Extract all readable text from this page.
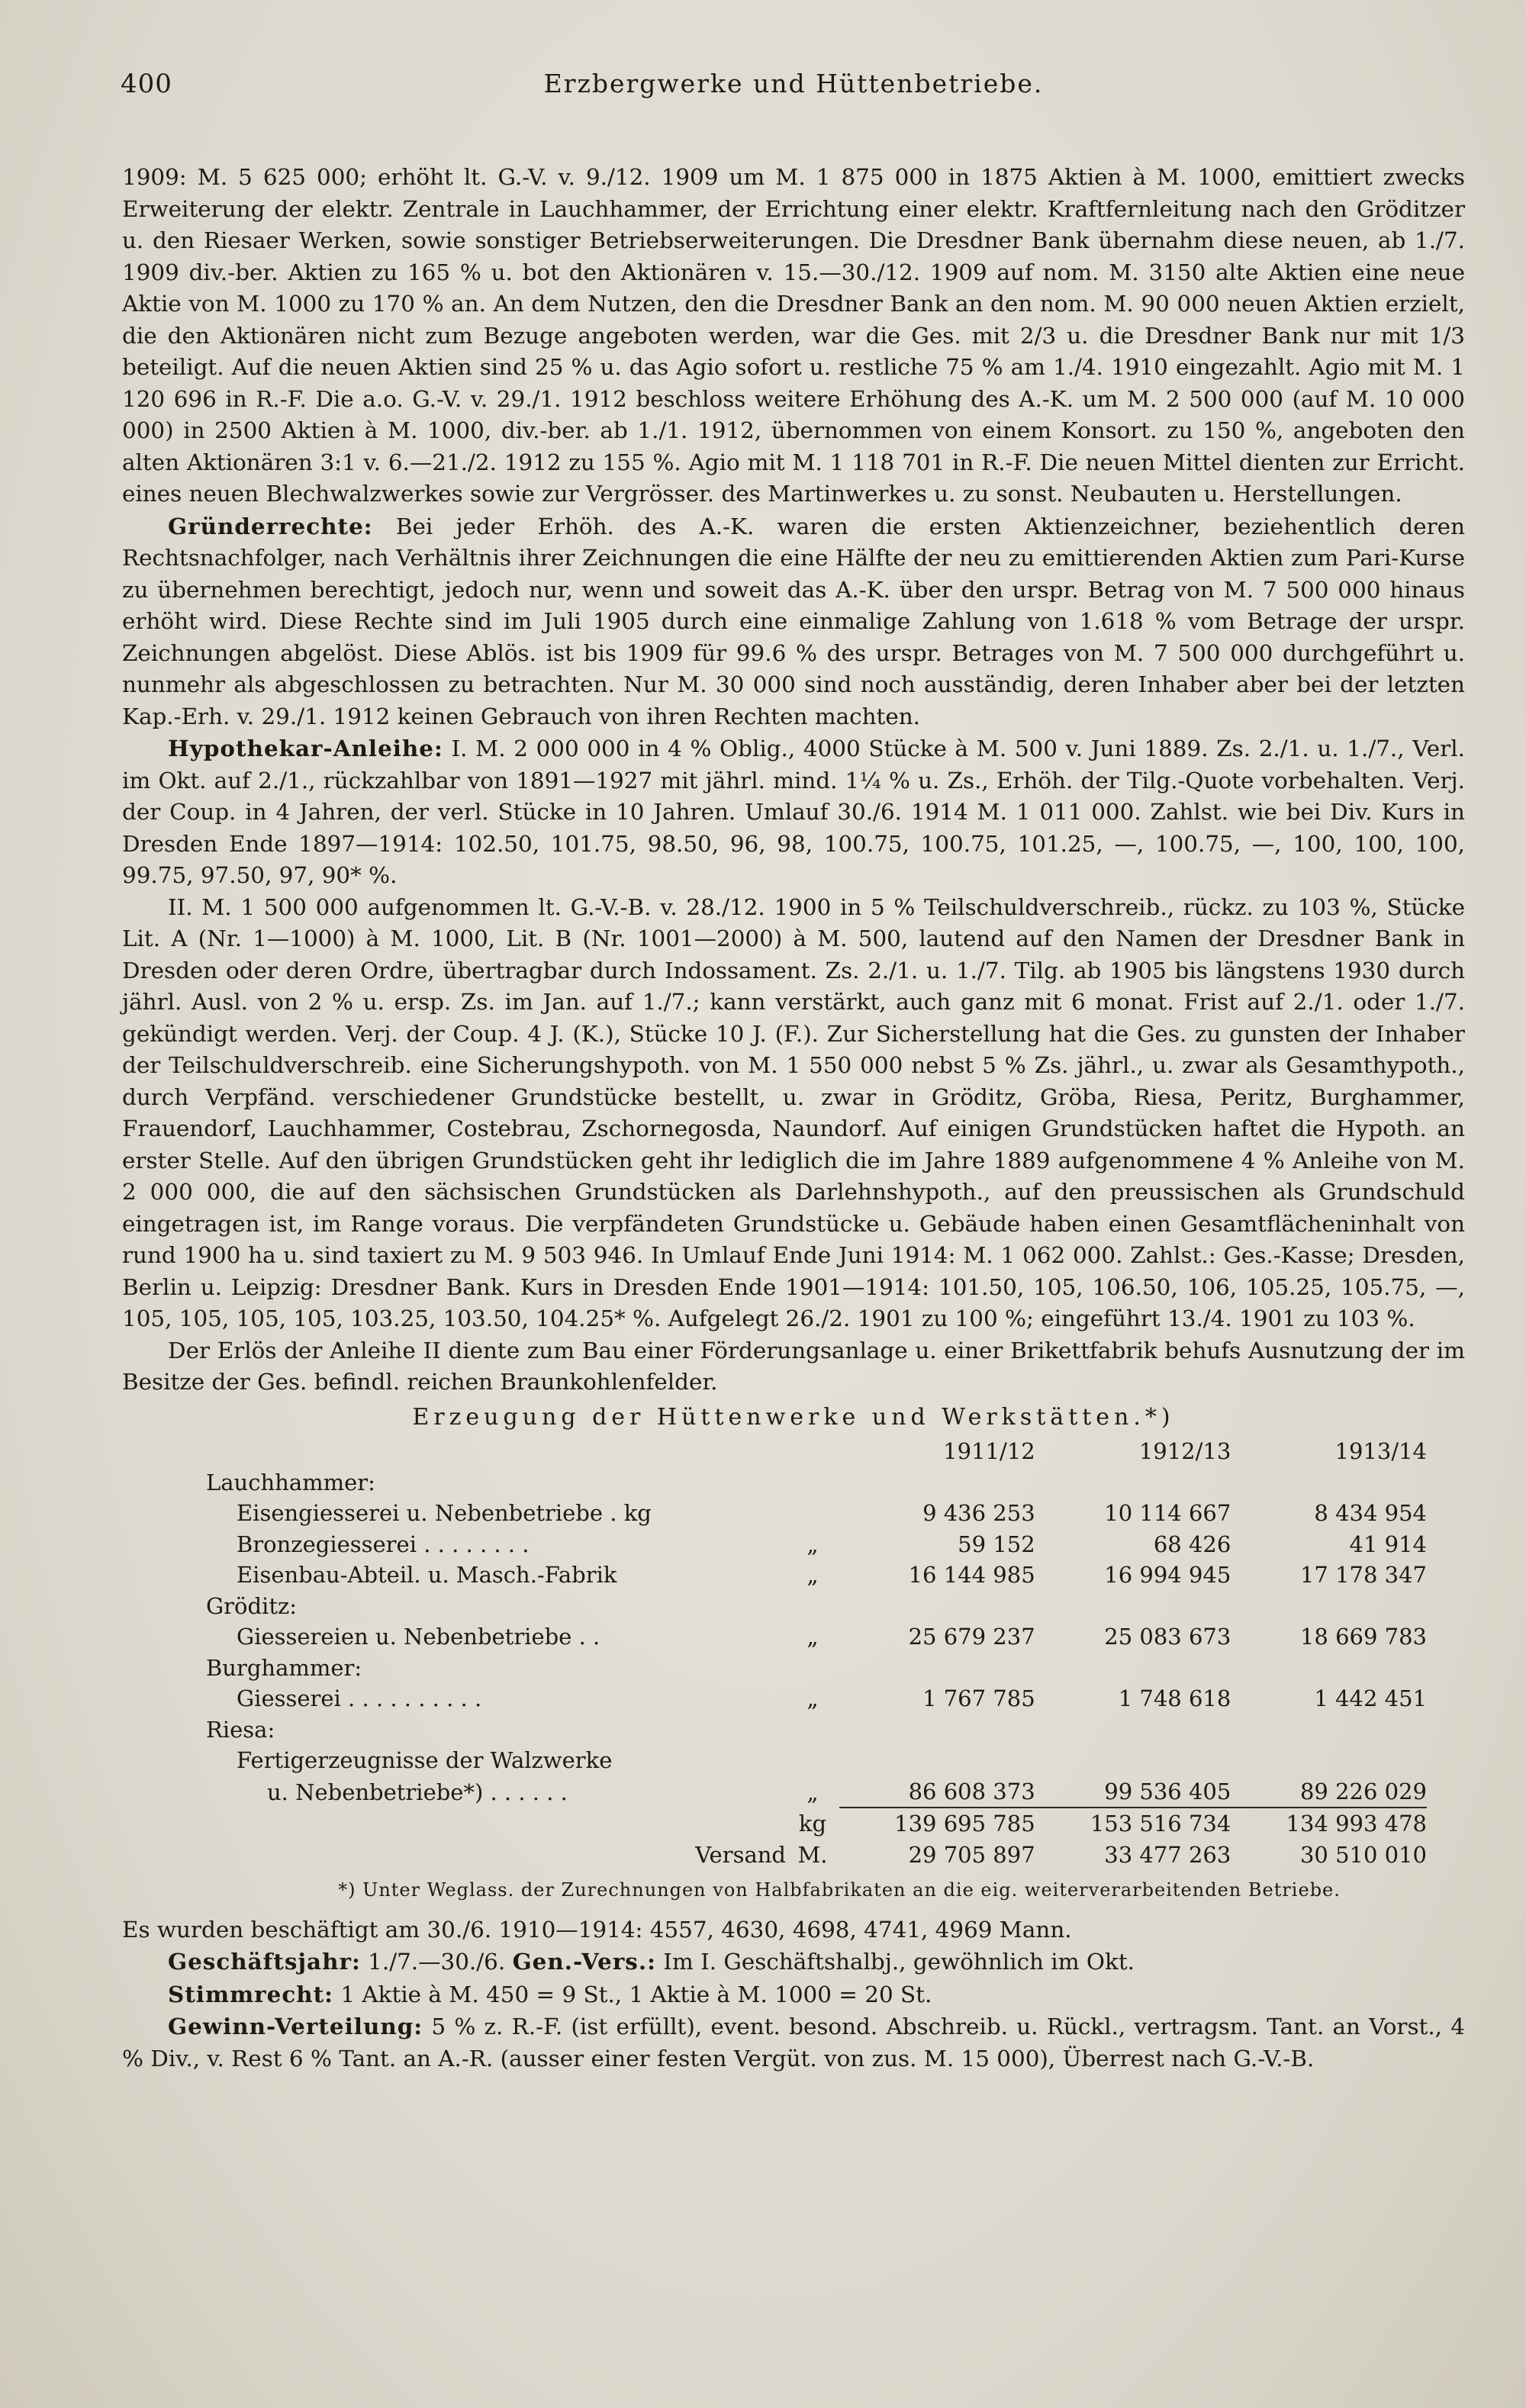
400	Erzbergwerke und Hüttenbetriebe.

1909: M. 5 625 000; erhöht lt. G.-V. v. 9./12. 1909 um M. 1 875 000 in 1875 Aktien à M. 1000, emittiert zwecks Erweiterung der elektr. Zentrale in Lauchhammer, der Errichtung einer elektr. Kraftfernleitung nach den Gröditzer u. den Riesaer Werken, sowie sonstiger Betriebserweiterungen. Die Dresdner Bank übernahm diese neuen, ab 1./7. 1909 div.-ber. Aktien zu 165 % u. bot den Aktionären v. 15.—30./12. 1909 auf nom. M. 3150 alte Aktien eine neue Aktie von M. 1000 zu 170 % an. An dem Nutzen, den die Dresdner Bank an den nom. M. 90 000 neuen Aktien erzielt, die den Aktionären nicht zum Bezuge angeboten werden, war die Ges. mit 2/3 u. die Dresdner Bank nur mit 1/3 beteiligt. Auf die neuen Aktien sind 25 % u. das Agio sofort u. restliche 75 % am 1./4. 1910 eingezahlt. Agio mit M. 1 120 696 in R.-F. Die a.o. G.-V. v. 29./1. 1912 beschloss weitere Erhöhung des A.-K. um M. 2 500 000 (auf M. 10 000 000) in 2500 Aktien à M. 1000, div.-ber. ab 1./1. 1912, übernommen von einem Konsort. zu 150 %, angeboten den alten Aktionären 3:1 v. 6.—21./2. 1912 zu 155 %. Agio mit M. 1 118 701 in R.-F. Die neuen Mittel dienten zur Erricht. eines neuen Blechwalzwerkes sowie zur Vergrösser. des Martinwerkes u. zu sonst. Neubauten u. Herstellungen.

Gründerrechte: Bei jeder Erhöh. des A.-K. waren die ersten Aktienzeichner, beziehentlich deren Rechtsnachfolger, nach Verhältnis ihrer Zeichnungen die eine Hälfte der neu zu emittierenden Aktien zum Pari-Kurse zu übernehmen berechtigt, jedoch nur, wenn und soweit das A.-K. über den urspr. Betrag von M. 7 500 000 hinaus erhöht wird. Diese Rechte sind im Juli 1905 durch eine einmalige Zahlung von 1.618 % vom Betrage der urspr. Zeichnungen abgelöst. Diese Ablös. ist bis 1909 für 99.6 % des urspr. Betrages von M. 7 500 000 durchgeführt u. nunmehr als abgeschlossen zu betrachten. Nur M. 30 000 sind noch ausständig, deren Inhaber aber bei der letzten Kap.-Erh. v. 29./1. 1912 keinen Gebrauch von ihren Rechten machten.

Hypothekar-Anleihe: I. M. 2 000 000 in 4 % Oblig., 4000 Stücke à M. 500 v. Juni 1889. Zs. 2./1. u. 1./7., Verl. im Okt. auf 2./1., rückzahlbar von 1891—1927 mit jährl. mind. 1¼ % u. Zs., Erhöh. der Tilg.-Quote vorbehalten. Verj. der Coup. in 4 Jahren, der verl. Stücke in 10 Jahren. Umlauf 30./6. 1914 M. 1 011 000. Zahlst. wie bei Div. Kurs in Dresden Ende 1897—1914: 102.50, 101.75, 98.50, 96, 98, 100.75, 100.75, 101.25, —, 100.75, —, 100, 100, 100, 99.75, 97.50, 97, 90* %.

II. M. 1 500 000 aufgenommen lt. G.-V.-B. v. 28./12. 1900 in 5 % Teilschuldverschreib., rückz. zu 103 %, Stücke Lit. A (Nr. 1—1000) à M. 1000, Lit. B (Nr. 1001—2000) à M. 500, lautend auf den Namen der Dresdner Bank in Dresden oder deren Ordre, übertragbar durch Indossament. Zs. 2./1. u. 1./7. Tilg. ab 1905 bis längstens 1930 durch jährl. Ausl. von 2 % u. ersp. Zs. im Jan. auf 1./7.; kann verstärkt, auch ganz mit 6 monat. Frist auf 2./1. oder 1./7. gekündigt werden. Verj. der Coup. 4 J. (K.), Stücke 10 J. (F.). Zur Sicherstellung hat die Ges. zu gunsten der Inhaber der Teilschuldverschreib. eine Sicherungshypoth. von M. 1 550 000 nebst 5 % Zs. jährl., u. zwar als Gesamthypoth., durch Verpfänd. verschiedener Grundstücke bestellt, u. zwar in Gröditz, Gröba, Riesa, Peritz, Burghammer, Frauendorf, Lauchhammer, Costebrau, Zschornegosda, Naundorf. Auf einigen Grundstücken haftet die Hypoth. an erster Stelle. Auf den übrigen Grundstücken geht ihr lediglich die im Jahre 1889 aufgenommene 4 % Anleihe von M. 2 000 000, die auf den sächsischen Grundstücken als Darlehnshypoth., auf den preussischen als Grundschuld eingetragen ist, im Range voraus. Die verpfändeten Grundstücke u. Gebäude haben einen Gesamtflächeninhalt von rund 1900 ha u. sind taxiert zu M. 9 503 946. In Umlauf Ende Juni 1914: M. 1 062 000. Zahlst.: Ges.-Kasse; Dresden, Berlin u. Leipzig: Dresdner Bank. Kurs in Dresden Ende 1901—1914: 101.50, 105, 106.50, 106, 105.25, 105.75, —, 105, 105, 105, 105, 103.25, 103.50, 104.25* %. Aufgelegt 26./2. 1901 zu 100 %; eingeführt 13./4. 1901 zu 103 %.

Der Erlös der Anleihe II diente zum Bau einer Förderungsanlage u. einer Brikettfabrik behufs Ausnutzung der im Besitze der Ges. befindl. reichen Braunkohlenfelder.

Erzeugung der Hüttenwerke und Werkstätten.*)
		1911/12	1912/13	1913/14
Lauchhammer:				
Eisengiesserei u. Nebenbetriebe . kg		9 436 253	10 114 667	8 434 954
Bronzegiesserei . . . . . . . .	„	59 152	68 426	41 914
Eisenbau-Abteil. u. Masch.-Fabrik	„	16 144 985	16 994 945	17 178 347
Gröditz:				
Giessereien u. Nebenbetriebe . .	„	25 679 237	25 083 673	18 669 783
Burghammer:				
Giesserei . . . . . . . . . .	„	1 767 785	1 748 618	1 442 451
Riesa:				
Fertigerzeugnisse der Walzwerke				
u. Nebenbetriebe*) . . . . . .	„	86 608 373	99 536 405	89 226 029
	kg	139 695 785	153 516 734	134 993 478
Versand	M.	29 705 897	33 477 263	30 510 010
*) Unter Weglass. der Zurechnungen von Halbfabrikaten an die eig. weiterverarbeitenden Betriebe.

Es wurden beschäftigt am 30./6. 1910—1914: 4557, 4630, 4698, 4741, 4969 Mann.

Geschäftsjahr: 1./7.—30./6. Gen.-Vers.: Im I. Geschäftshalbj., gewöhnlich im Okt.

Stimmrecht: 1 Aktie à M. 450 = 9 St., 1 Aktie à M. 1000 = 20 St.

Gewinn-Verteilung: 5 % z. R.-F. (ist erfüllt), event. besond. Abschreib. u. Rückl., vertragsm. Tant. an Vorst., 4 % Div., v. Rest 6 % Tant. an A.-R. (ausser einer festen Vergüt. von zus. M. 15 000), Überrest nach G.-V.-B.
